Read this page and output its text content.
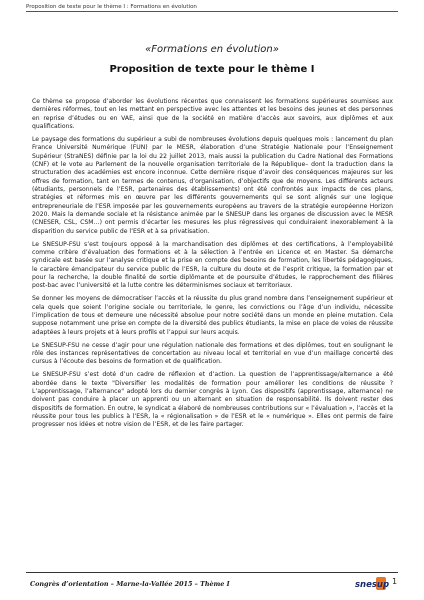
Proposition de texte pour le thème I : Formations en évolution
«Formations en évolution»
Proposition de texte pour le thème I

Ce thème se propose d’aborder les évolutions récentes que connaissent les formations supérieures soumises aux dernières réformes, tout en les mettant en perspective avec les attentes et les besoins des jeunes et des personnes en reprise d’études ou en VAE, ainsi que de la société en matière d’accès aux savoirs, aux diplômes et aux qualifications.

Le paysage des formations du supérieur a subi de nombreuses évolutions depuis quelques mois : lancement du plan France Université Numérique (FUN) par le MESR, élaboration d’une Stratégie Nationale pour l’Enseignement Supérieur (StraNES) définie par la loi du 22 juillet 2013, mais aussi la publication du Cadre National des Formations (CNF) et le vote au Parlement de la nouvelle organisation territoriale de la République– dont la traduction dans la structuration des académies est encore inconnue. Cette dernière risque d’avoir des conséquences majeures sur les offres de formation, tant en termes de contenus, d’organisation, d’objectifs que de moyens. Les différents acteurs (étudiants, personnels de l’ESR, partenaires des établissements) ont été confrontés aux impacts de ces plans, stratégies et réformes mis en œuvre par les différents gouvernements qui se sont alignés sur une logique entrepreneuriale de l’ESR imposée par les gouvernements européens au travers de la stratégie européenne Horizon 2020. Mais la demande sociale et la résistance animée par le SNESUP dans les organes de discussion avec le MESR (CNESER, CSL, CSM…) ont permis d’écarter les mesures les plus régressives qui conduiraient inexorablement à la disparition du service public de l’ESR et à sa privatisation.

Le SNESUP-FSU s’est toujours opposé à la marchandisation des diplômes et des certifications, à l’employabilité comme critère d’évaluation des formations et à la sélection à l’entrée en Licence et en Master. Sa démarche syndicale est basée sur l’analyse critique et la prise en compte des besoins de formation, les libertés pédagogiques, le caractère émancipateur du service public de l’ESR, la culture du doute et de l’esprit critique, la formation par et pour la recherche, la double finalité de sortie diplômante et de poursuite d’études, le rapprochement des filières post-bac avec l’université et la lutte contre les déterminismes sociaux et territoriaux.

Se donner les moyens de démocratiser l’accès et la réussite du plus grand nombre dans l’enseignement supérieur et cela quels que soient l’origine sociale ou territoriale, le genre, les convictions ou l’âge d’un individu, nécessite l’implication de tous et demeure une nécessité absolue pour notre société dans un monde en pleine mutation. Cela suppose notamment une prise en compte de la diversité des publics étudiants, la mise en place de voies de réussite adaptées à leurs projets et à leurs profils et l’appui sur leurs acquis.

Le SNESUP-FSU ne cesse d’agir pour une régulation nationale des formations et des diplômes, tout en soulignant le rôle des instances représentatives de concertation au niveau local et territorial en vue d’un maillage concerté des cursus à l’écoute des besoins de formation et de qualification.

Le SNESUP-FSU s’est doté d’un cadre de réflexion et d’action. La question de l’apprentissage/alternance a été abordée dans le texte "Diversifier les modalités de formation pour améliorer les conditions de réussite ? L’apprentissage, l’alternance" adopté lors du dernier congrès à Lyon. Ces dispositifs (apprentissage, alternance) ne doivent pas conduire à placer un apprenti ou un alternant en situation de responsabilité. Ils doivent rester des dispositifs de formation. En outre, le syndicat a élaboré de nombreuses contributions sur « l’évaluation », l’accès et la réussite pour tous les publics à l’ESR, la « régionalisation » de l’ESR et le « numérique ». Elles ont permis de faire progresser nos idées et notre vision de l’ESR, et de les faire partager.

Congrès d’orientation – Marne-la-Vallée 2015 – Thème I	snesup 1
